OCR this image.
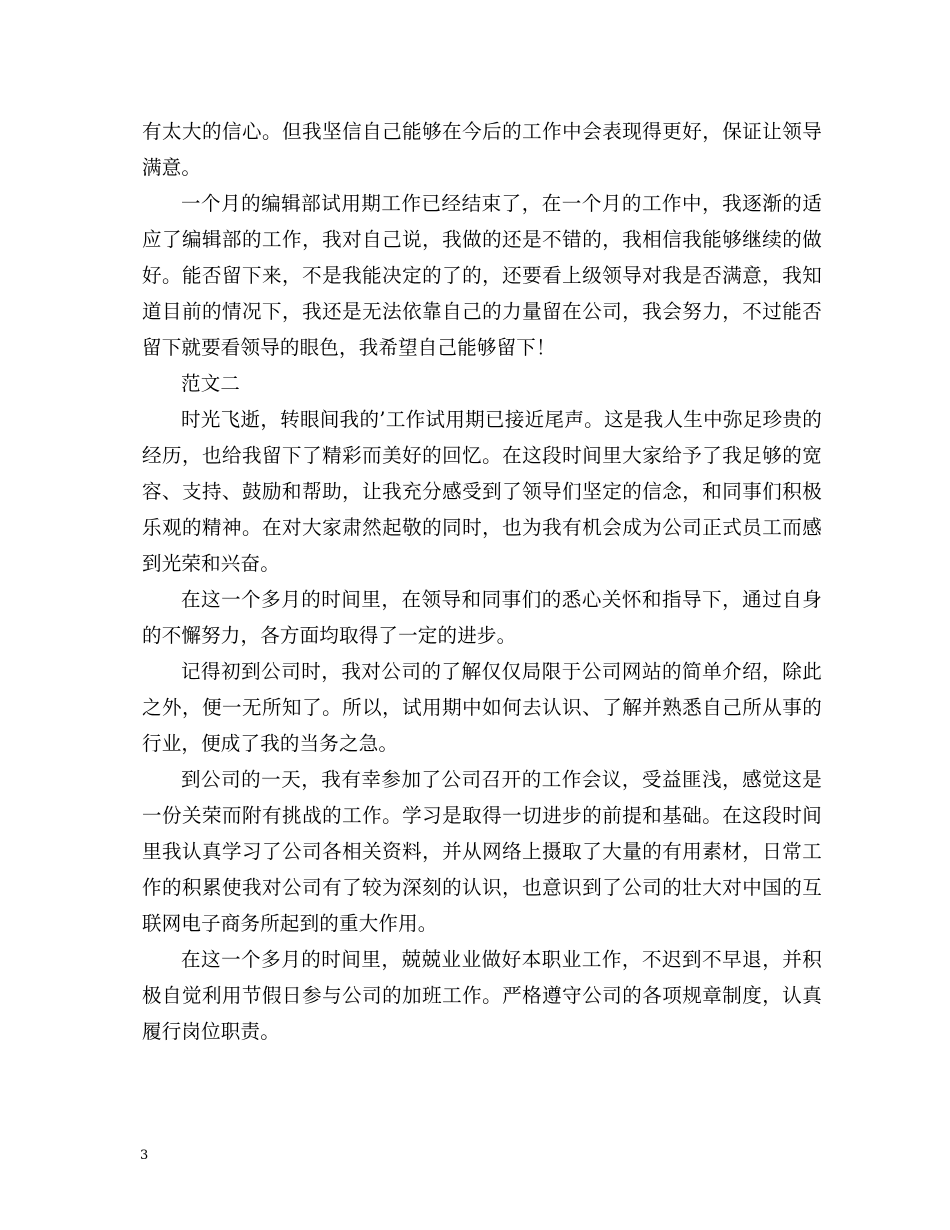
有太大的信心。但我坚信自己能够在今后的工作中会表现得更好，保证让领导满意。

一个月的编辑部试用期工作已经结束了，在一个月的工作中，我逐渐的适应了编辑部的工作，我对自己说，我做的还是不错的，我相信我能够继续的做好。能否留下来，不是我能决定的了的，还要看上级领导对我是否满意，我知道目前的情况下，我还是无法依靠自己的力量留在公司，我会努力，不过能否留下就要看领导的眼色，我希望自己能够留下！

范文二

时光飞逝，转眼间我的’工作试用期已接近尾声。这是我人生中弥足珍贵的经历，也给我留下了精彩而美好的回忆。在这段时间里大家给予了我足够的宽容、支持、鼓励和帮助，让我充分感受到了领导们坚定的信念，和同事们积极乐观的精神。在对大家肃然起敬的同时，也为我有机会成为公司正式员工而感到光荣和兴奋。

在这一个多月的时间里，在领导和同事们的悉心关怀和指导下，通过自身的不懈努力，各方面均取得了一定的进步。

记得初到公司时，我对公司的了解仅仅局限于公司网站的简单介绍，除此之外，便一无所知了。所以，试用期中如何去认识、了解并熟悉自己所从事的行业，便成了我的当务之急。

到公司的一天，我有幸参加了公司召开的工作会议，受益匪浅，感觉这是一份关荣而附有挑战的工作。学习是取得一切进步的前提和基础。在这段时间里我认真学习了公司各相关资料，并从网络上摄取了大量的有用素材，日常工作的积累使我对公司有了较为深刻的认识，也意识到了公司的壮大对中国的互联网电子商务所起到的重大作用。

在这一个多月的时间里，兢兢业业做好本职业工作，不迟到不早退，并积极自觉利用节假日参与公司的加班工作。严格遵守公司的各项规章制度，认真履行岗位职责。

3
